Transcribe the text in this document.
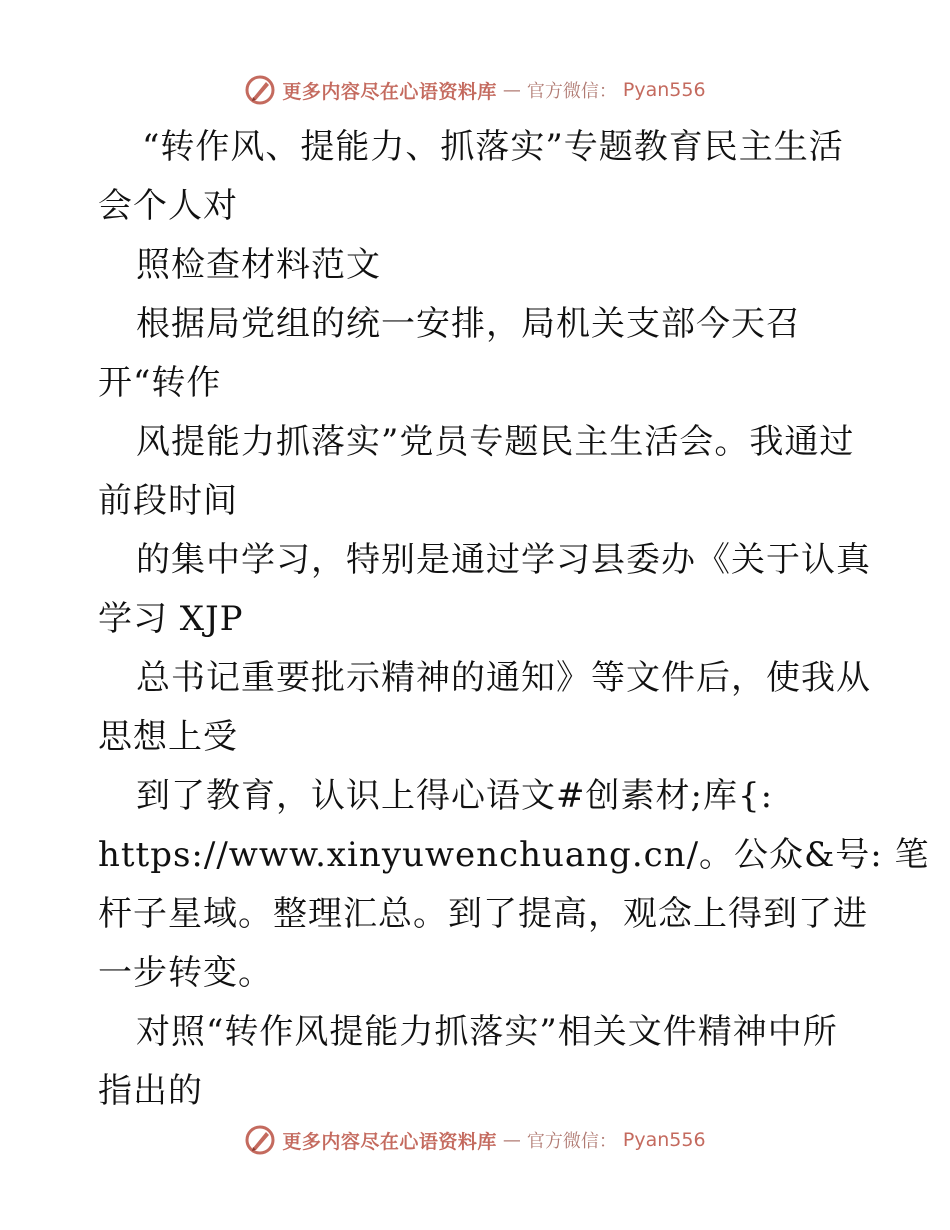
更多内容尽在心语资料库 — 官方微信： Pyan556
“转作风、提能力、抓落实”专题教育民主生活
会个人对
照检查材料范文
根据局党组的统一安排，局机关支部今天召
开“转作
风提能力抓落实”党员专题民主生活会。我通过
前段时间
的集中学习，特别是通过学习县委办《关于认真
学习 XJP
总书记重要批示精神的通知》等文件后，使我从
思想上受
到了教育，认识上得心语文#创素材;库{:
https://www.xinyuwenchuang.cn/。公众&号: 笔
杆子星域。整理汇总。到了提高，观念上得到了进
一步转变。
对照“转作风提能力抓落实”相关文件精神中所
指出的
更多内容尽在心语资料库 — 官方微信： Pyan556
